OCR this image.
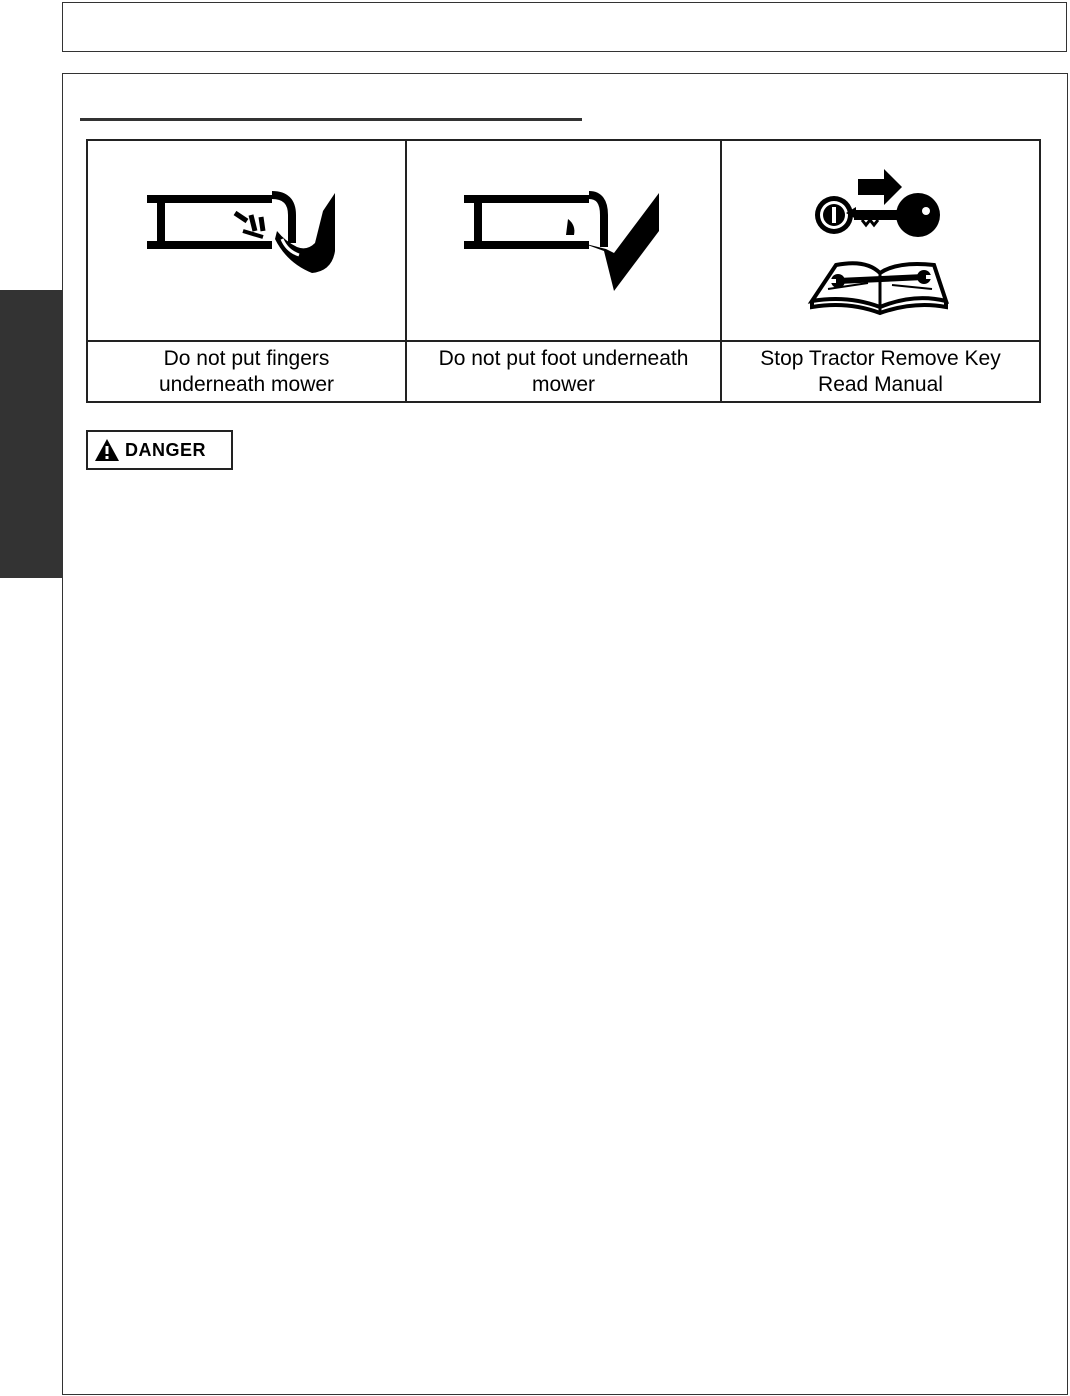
Do not put fingers
underneath mower
Do not put foot underneath
mower
Stop Tractor Remove Key
Read Manual
DANGER
